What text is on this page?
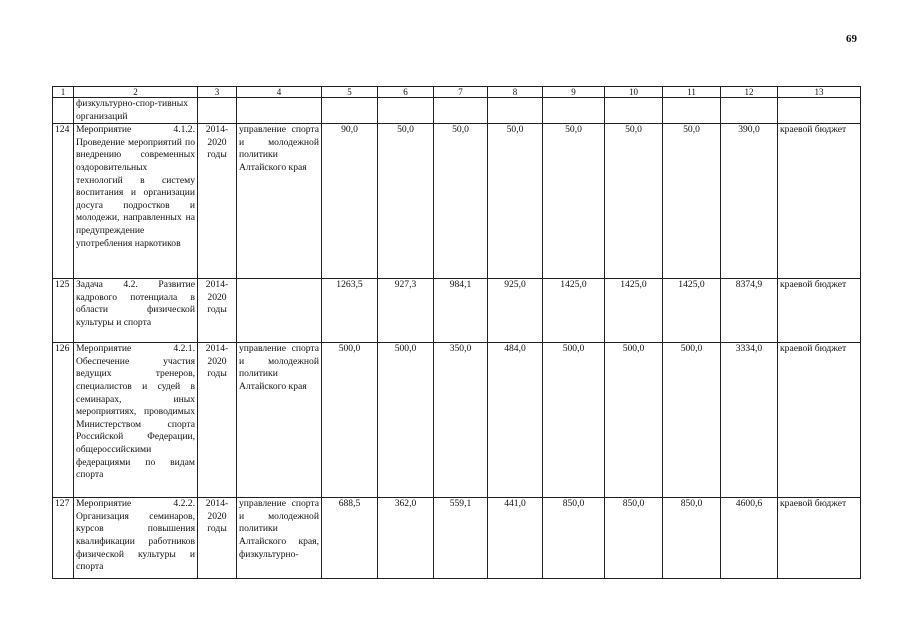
69
1	2	3	4	5	6	7	8	9	10	11	12	13
	физкультурно-спор-тивных организаций											
124	Мероприятие 4.1.2. Проведение мероприятий по внедрению современных оздоровительных технологий в систему воспитания и организации досуга подростков и молодежи, направленных на предупреждение употребления наркотиков	2014-2020 годы	управление спорта и молодежной политики Алтайского края	90,0	50,0	50,0	50,0	50,0	50,0	50,0	390,0	краевой бюджет
125	Задача 4.2. Развитие кадрового потенциала в области физической культуры и спорта	2014-2020 годы		1263,5	927,3	984,1	925,0	1425,0	1425,0	1425,0	8374,9	краевой бюджет
126	Мероприятие 4.2.1. Обеспечение участия ведущих тренеров, специалистов и судей в семинарах, иных мероприятиях, проводимых Министерством спорта Российской Федерации, общероссийскими федерациями по видам спорта	2014-2020 годы	управление спорта и молодежной политики Алтайского края	500,0	500,0	350,0	484,0	500,0	500,0	500,0	3334,0	краевой бюджет
127	Мероприятие 4.2.2. Организация семинаров, курсов повышения квалификации работников физической культуры и спорта	2014-2020 годы	управление спорта и молодежной политики Алтайского края, физкультурно-	688,5	362,0	559,1	441,0	850,0	850,0	850,0	4600,6	краевой бюджет
